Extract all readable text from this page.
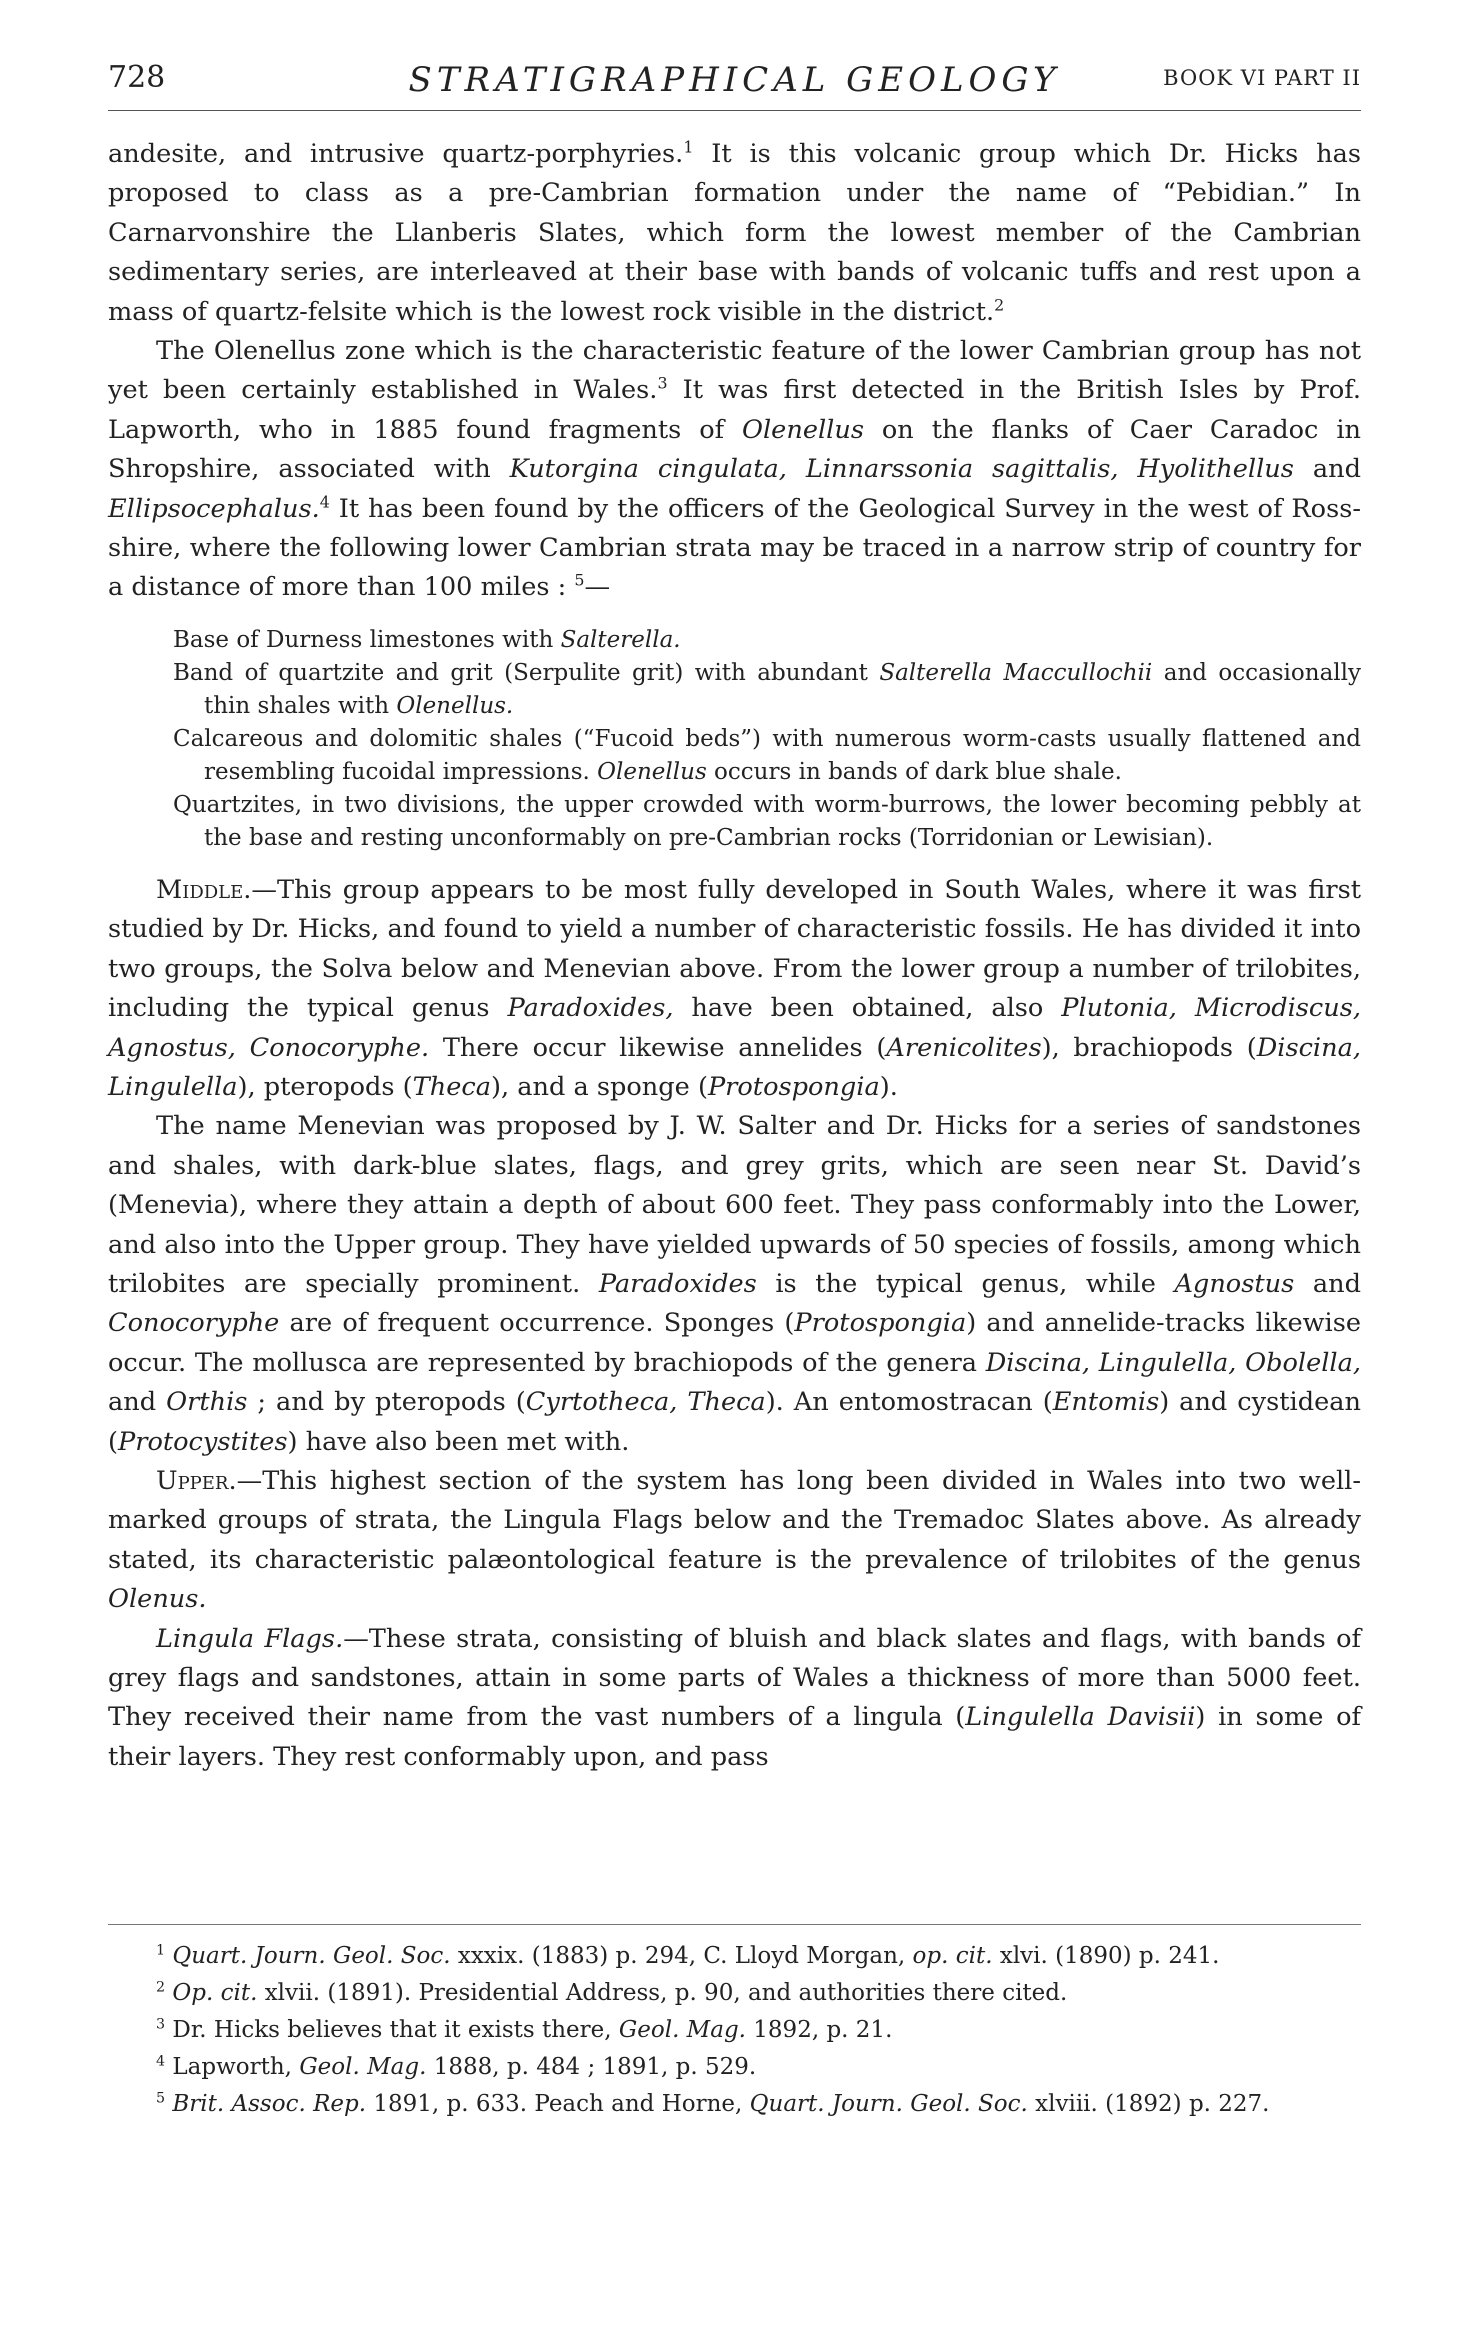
728	STRATIGRAPHICAL GEOLOGY	BOOK VI PART II

andesite, and intrusive quartz-porphyries.$^1$ It is this volcanic group which Dr. Hicks has proposed to class as a pre-Cambrian formation under the name of “Pebidian.” In Carnarvonshire the Llanberis Slates, which form the lowest member of the Cambrian sedimentary series, are interleaved at their base with bands of volcanic tuffs and rest upon a mass of quartz-felsite which is the lowest rock visible in the district.$^2$

The Olenellus zone which is the characteristic feature of the lower Cambrian group has not yet been certainly established in Wales.$^3$ It was first detected in the British Isles by Prof. Lapworth, who in 1885 found fragments of Olenellus on the flanks of Caer Caradoc in Shropshire, associated with Kutorgina cingulata, Linnarssonia sagittalis, Hyolithellus and Ellipsocephalus.$^4$ It has been found by the officers of the Geological Survey in the west of Ross-shire, where the following lower Cambrian strata may be traced in a narrow strip of country for a distance of more than 100 miles : $^5$—

Base of Durness limestones with Salterella.

Band of quartzite and grit (Serpulite grit) with abundant Salterella Maccullochii and occasionally thin shales with Olenellus.

Calcareous and dolomitic shales (“Fucoid beds”) with numerous worm-casts usually flattened and resembling fucoidal impressions. Olenellus occurs in bands of dark blue shale.

Quartzites, in two divisions, the upper crowded with worm-burrows, the lower becoming pebbly at the base and resting unconformably on pre-Cambrian rocks (Torridonian or Lewisian).

Middle.—This group appears to be most fully developed in South Wales, where it was first studied by Dr. Hicks, and found to yield a number of characteristic fossils. He has divided it into two groups, the Solva below and Menevian above. From the lower group a number of trilobites, including the typical genus Paradoxides, have been obtained, also Plutonia, Microdiscus, Agnostus, Conocoryphe. There occur likewise annelides (Arenicolites), brachiopods (Discina, Lingulella), pteropods (Theca), and a sponge (Protospongia).

The name Menevian was proposed by J. W. Salter and Dr. Hicks for a series of sandstones and shales, with dark-blue slates, flags, and grey grits, which are seen near St. David’s (Menevia), where they attain a depth of about 600 feet. They pass conformably into the Lower, and also into the Upper group. They have yielded upwards of 50 species of fossils, among which trilobites are specially prominent. Paradoxides is the typical genus, while Agnostus and Conocoryphe are of frequent occurrence. Sponges (Protospongia) and annelide-tracks likewise occur. The mollusca are represented by brachiopods of the genera Discina, Lingulella, Obolella, and Orthis ; and by pteropods (Cyrtotheca, Theca). An entomostracan (Entomis) and cystidean (Protocystites) have also been met with.

Upper.—This highest section of the system has long been divided in Wales into two well-marked groups of strata, the Lingula Flags below and the Tremadoc Slates above. As already stated, its characteristic palæontological feature is the prevalence of trilobites of the genus Olenus.

Lingula Flags.—These strata, consisting of bluish and black slates and flags, with bands of grey flags and sandstones, attain in some parts of Wales a thickness of more than 5000 feet. They received their name from the vast numbers of a lingula (Lingulella Davisii) in some of their layers. They rest conformably upon, and pass

$^1$ Quart. Journ. Geol. Soc. xxxix. (1883) p. 294, C. Lloyd Morgan, op. cit. xlvi. (1890) p. 241.

$^2$ Op. cit. xlvii. (1891). Presidential Address, p. 90, and authorities there cited.

$^3$ Dr. Hicks believes that it exists there, Geol. Mag. 1892, p. 21.

$^4$ Lapworth, Geol. Mag. 1888, p. 484 ; 1891, p. 529.

$^5$ Brit. Assoc. Rep. 1891, p. 633. Peach and Horne, Quart. Journ. Geol. Soc. xlviii. (1892) p. 227.
